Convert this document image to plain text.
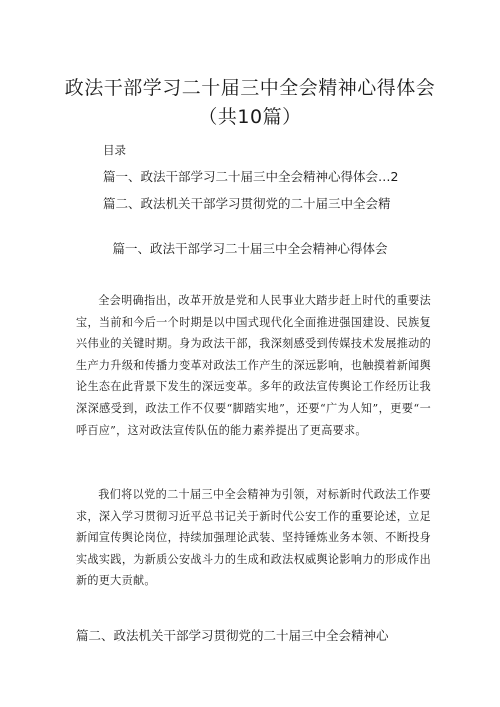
政法干部学习二十届三中全会精神心得体会（共10篇）
目录
篇一、政法干部学习二十届三中全会精神心得体会…2
篇二、政法机关干部学习贯彻党的二十届三中全会精
篇一、政法干部学习二十届三中全会精神心得体会

全会明确指出，改革开放是党和人民事业大踏步赶上时代的重要法宝，当前和今后一个时期是以中国式现代化全面推进强国建设、民族复兴伟业的关键时期。身为政法干部，我深刻感受到传媒技术发展推动的生产力升级和传播力变革对政法工作产生的深远影响，也触摸着新闻舆论生态在此背景下发生的深远变革。多年的政法宣传舆论工作经历让我深深感受到，政法工作不仅要“脚踏实地”，还要“广为人知”，更要“一呼百应”，这对政法宣传队伍的能力素养提出了更高要求。

我们将以党的二十届三中全会精神为引领，对标新时代政法工作要求，深入学习贯彻习近平总书记关于新时代公安工作的重要论述，立足新闻宣传舆论岗位，持续加强理论武装、坚持锤炼业务本领、不断投身实战实践，为新质公安战斗力的生成和政法权威舆论影响力的形成作出新的更大贡献。

篇二、政法机关干部学习贯彻党的二十届三中全会精神心
